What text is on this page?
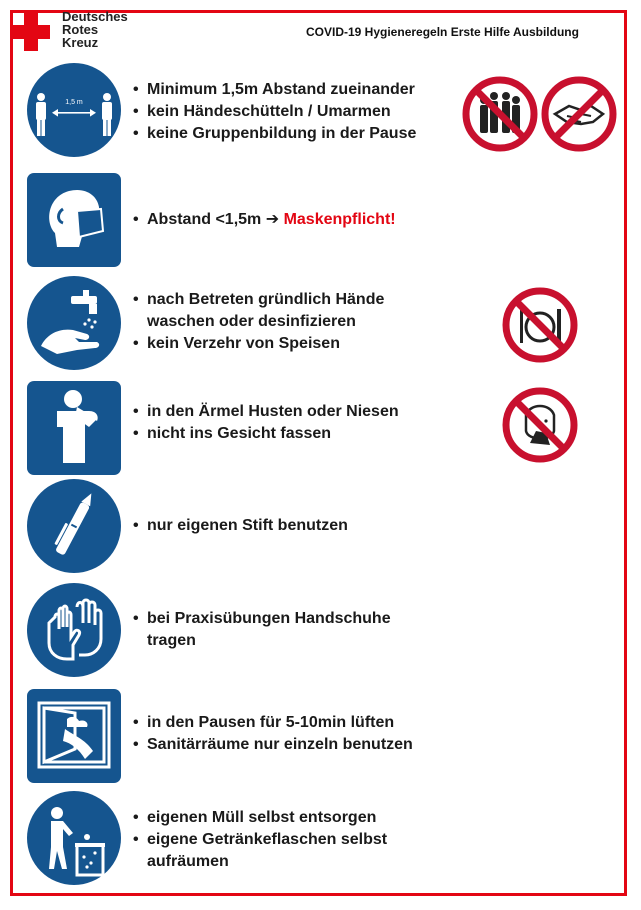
Deutsches
Rotes
Kreuz
COVID-19 Hygieneregeln Erste Hilfe Ausbildung
1,5 m
• Minimum 1,5m Abstand zueinander
• kein Händeschütteln / Umarmen
• keine Gruppenbildung in der Pause
• Abstand <1,5m ➔ Maskenpflicht!
• nach Betreten gründlich Hände
waschen oder desinfizieren
• kein Verzehr von Speisen
• in den Ärmel Husten oder Niesen
• nicht ins Gesicht fassen
• nur eigenen Stift benutzen
• bei Praxisübungen Handschuhe
tragen
• in den Pausen für 5-10min lüften
• Sanitärräume nur einzeln benutzen
• eigenen Müll selbst entsorgen
• eigene Getränkeflaschen selbst
aufräumen
